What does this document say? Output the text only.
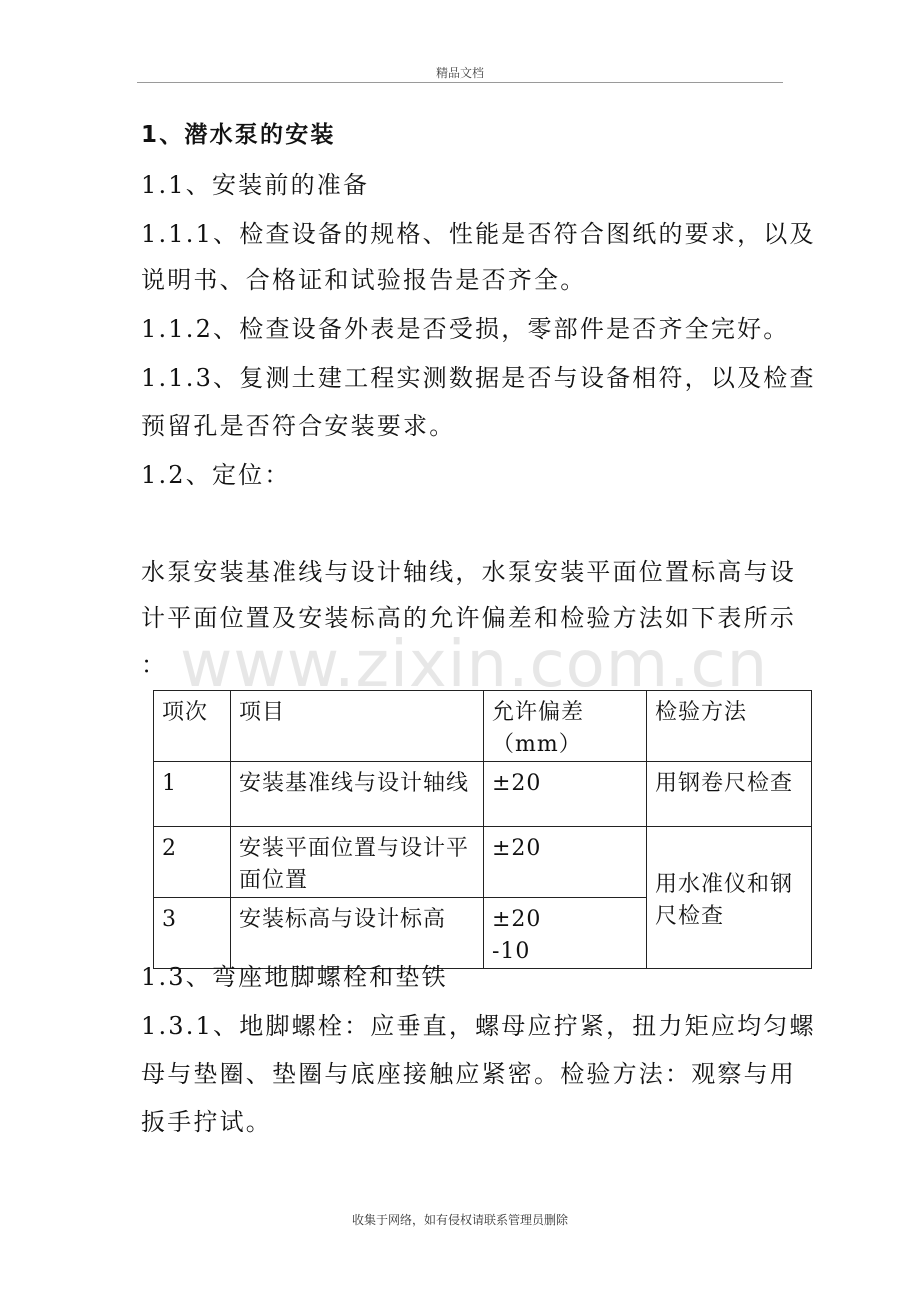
精品文档
www.zixin.com.cn
1、潜水泵的安装
1.1、安装前的准备
1.1.1、检查设备的规格、性能是否符合图纸的要求，以及
说明书、合格证和试验报告是否齐全。
1.1.2、检查设备外表是否受损，零部件是否齐全完好。
1.1.3、复测土建工程实测数据是否与设备相符，以及检查
预留孔是否符合安装要求。
1.2、定位：
水泵安装基准线与设计轴线，水泵安装平面位置标高与设
计平面位置及安装标高的允许偏差和检验方法如下表所示
：
项次	项目	允许偏差（mm）	检验方法
1	安装基准线与设计轴线	±20	用钢卷尺检查
2	安装平面位置与设计平面位置	±20	用水准仪和钢尺检查
3	安装标高与设计标高	±20
-10	
1.3、弯座地脚螺栓和垫铁
1.3.1、地脚螺栓：应垂直，螺母应拧紧，扭力矩应均匀螺
母与垫圈、垫圈与底座接触应紧密。检验方法：观察与用
扳手拧试。
收集于网络，如有侵权请联系管理员删除
